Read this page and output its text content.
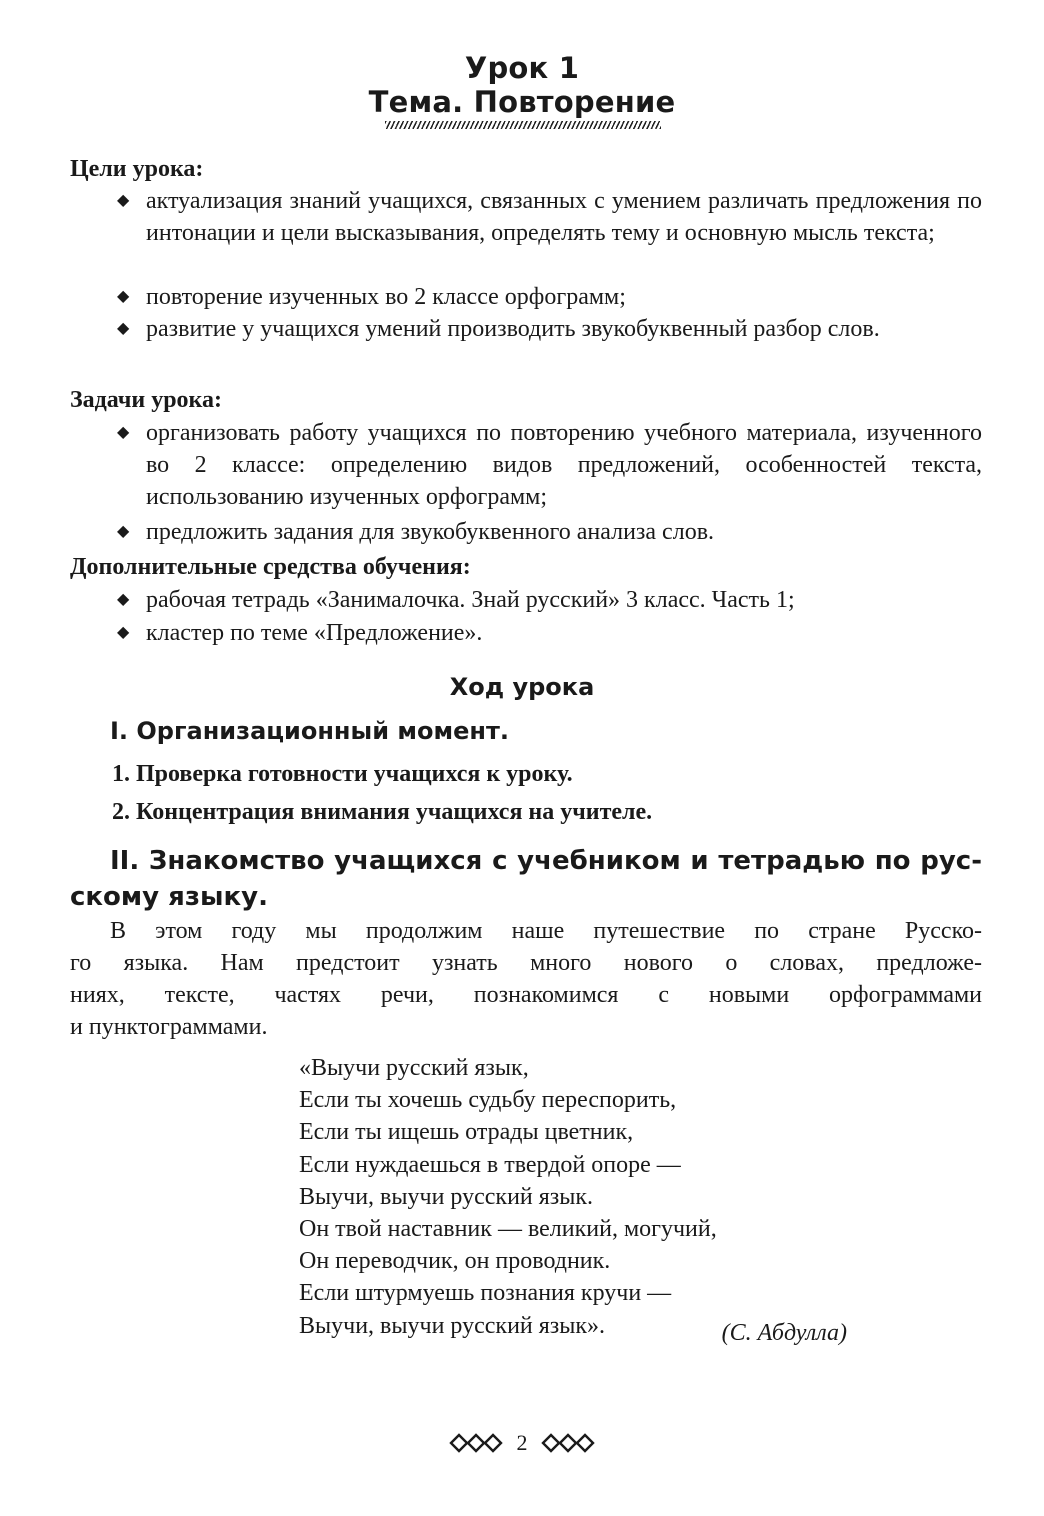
Урок 1
Тема. Повторение
Цели урока:
◆ актуализация знаний учащихся, связанных с умением различать предложения по интонации и цели высказывания, определять тему и основную мысль текста;
◆ повторение изученных во 2 классе орфограмм;
◆ развитие у учащихся умений производить звукобуквенный разбор слов.
Задачи урока:
◆ организовать работу учащихся по повторению учебного материала, изученного во 2 классе: определению видов предложений, особенностей текста, использованию изученных орфограмм;
◆ предложить задания для звукобуквенного анализа слов.
Дополнительные средства обучения:
◆ рабочая тетрадь «Занималочка. Знай русский» 3 класс. Часть 1;
◆ кластер по теме «Предложение».
Ход урока
I. Организационный момент.
1. Проверка готовности учащихся к уроку.
2. Концентрация внимания учащихся на учителе.
II. Знакомство учащихся с учебником и тетрадью по рус-
скому языку.
В этом году мы продолжим наше путешествие по стране Русско-
го языка. Нам предстоит узнать много нового о словах, предложе-
ниях, тексте, частях речи, познакомимся с новыми орфограммами
и пунктограммами.
«Выучи русский язык,
Если ты хочешь судьбу переспорить,
Если ты ищешь отрады цветник,
Если нуждаешься в твердой опоре —
Выучи, выучи русский язык.
Он твой наставник — великий, могучий,
Он переводчик, он проводник.
Если штурмуешь познания кручи —
Выучи, выучи русский язык».	(С. Абдулла)
2
